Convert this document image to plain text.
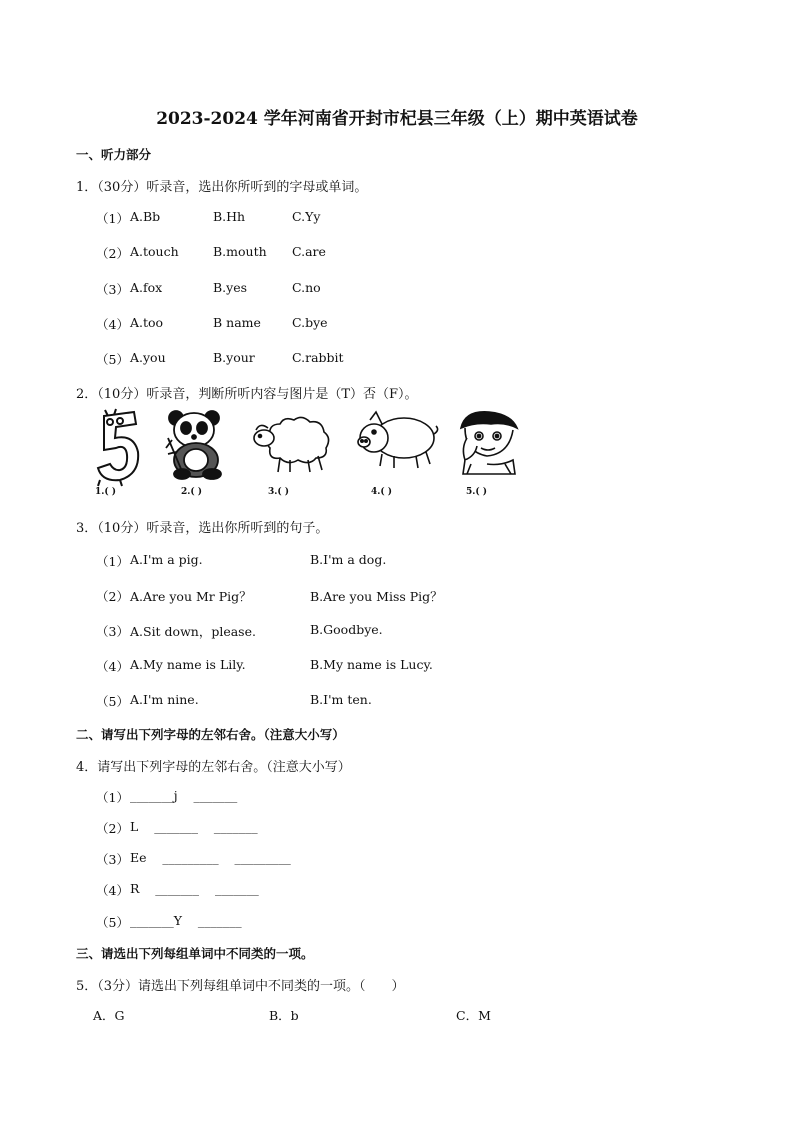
2023-2024 学年河南省开封市杞县三年级（上）期中英语试卷
一、听力部分
1．（30分）听录音，选出你所听到的字母或单词。
（1） A.Bb	B.Hh	C.Yy
（2） A.touch	B.mouth C.are
（3） A.fox	B.yes	C.no
（4） A.too	B name C.bye
（5） A.you	B.your	C.rabbit
2．（10分）听录音，判断所听内容与图片是（T）否（F）。
1.( )	2.( )	3.( )	4.( )	5.( )
3．（10分）听录音，选出你所听到的句子。
（1） A.I'm a pig.	B.I'm a dog.
（2） A.Are you Mr Pig？	B.Are you Miss Pig？
（3） A.Sit down，please.	B.Goodbye.
（4） A.My name is Lily.	B.My name is Lucy.
（5） A.I'm nine.	B.I'm ten.
二、请写出下列字母的左邻右舍。（注意大小写）
4．请写出下列字母的左邻右舍。（注意大小写）
（1） _______j    _______
（2） L    _______    _______
（3） Ee    _________    _________
（4） R    _______    _______
（5） _______Y    _______
三、请选出下列每组单词中不同类的一项。
5．（3分）请选出下列每组单词中不同类的一项。（　　）
A．G	B．b	C．M
